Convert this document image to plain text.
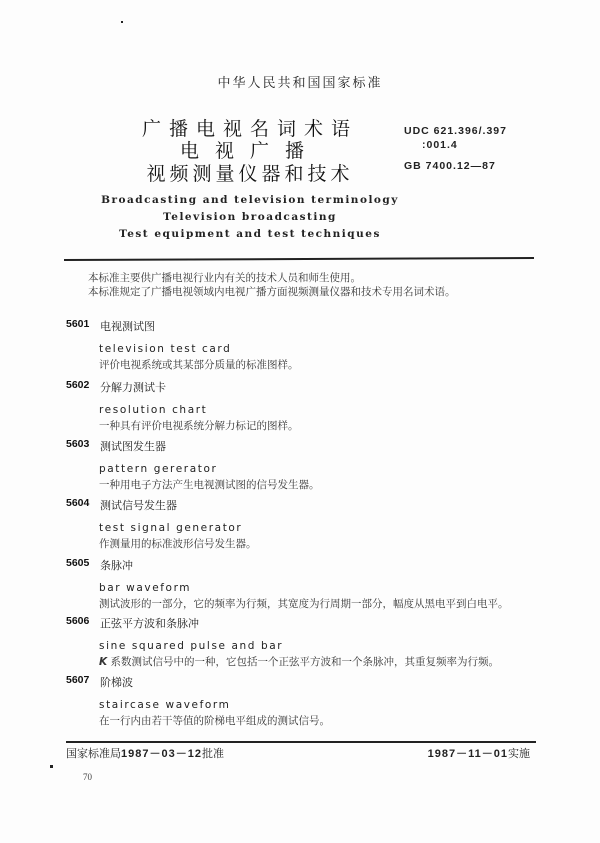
中华人民共和国国家标准
广播电视名词术语
电视广播
视频测量仪器和技术
UDC 621.396/.397
:001.4
GB 7400.12—87
Broadcasting and television terminology
Television broadcasting
Test equipment and test techniques
本标准主要供广播电视行业内有关的技术人员和师生使用。
本标准规定了广播电视领域内电视广播方面视频测量仪器和技术专用名词术语。
5601 电视测试图
television test card
评价电视系统或其某部分质量的标准图样。
5602 分解力测试卡
resolution chart
一种具有评价电视系统分解力标记的图样。
5603 测试图发生器
pattern gererator
一种用电子方法产生电视测试图的信号发生器。
5604 测试信号发生器
test signal generator
作测量用的标准波形信号发生器。
5605 条脉冲
bar waveform
测试波形的一部分，它的频率为行频，其宽度为行周期一部分，幅度从黑电平到白电平。
5606 正弦平方波和条脉冲
sine squared pulse and bar
K 系数测试信号中的一种，它包括一个正弦平方波和一个条脉冲，其重复频率为行频。
5607 阶梯波
staircase waveform
在一行内由若干等值的阶梯电平组成的测试信号。
国家标准局1987－03－12批准	1987－11－01实施
70
